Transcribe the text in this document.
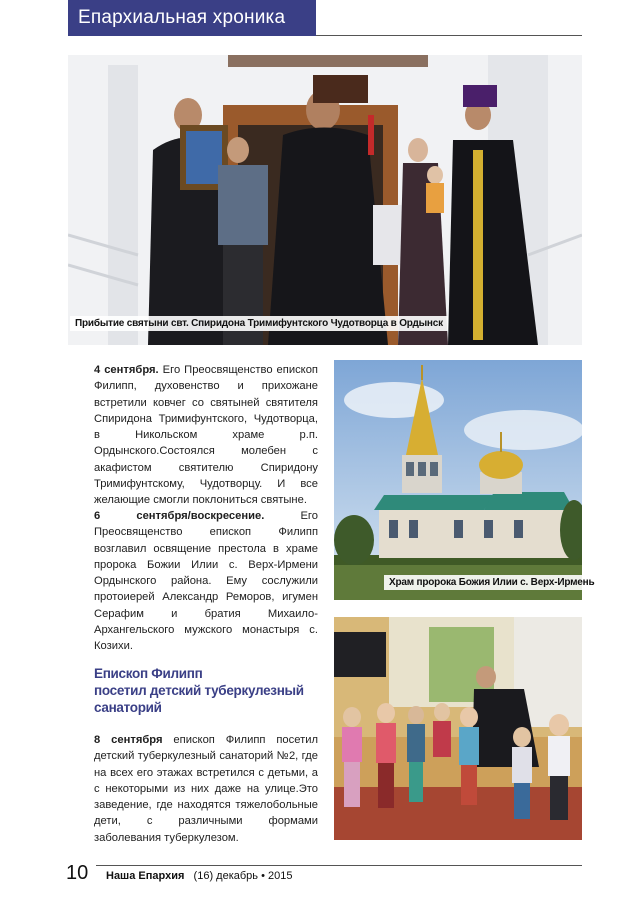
Епархиальная хроника
Прибытие святыни свт. Спиридона Тримифунтского Чудотворца в Ордынск

4 сентября. Его Преосвященство епископ Филипп, духовенство и прихожане встретили ковчег со святыней святителя Спиридона Тримифунтского, Чудотворца, в Никольском храме р.п. Ордынского.Состоялся молебен с акафистом святителю Спиридону Тримифунтскому, Чудотворцу. И все желающие смогли поклониться святыне.

6 сентября/воскресение. Его Преосвященство епископ Филипп возглавил освящение престола в храме пророка Божии Илии с. Верх-Ирмени Ордынского района. Ему сослужили протоиерей Александр Реморов, игумен Серафим и братия Михаило-Архангельского мужского монастыря с. Козихи.

Храм пророка Божия Илии с. Верх-Ирмень
Епископ Филипп
посетил детский туберкулезный
санаторий

8 сентября епископ Филипп посетил детский туберкулезный санаторий №2, где на всех его этажах встретился с детьми, а с некоторыми из них даже на улице.Это заведение, где находятся тяжелобольные дети, с различными формами заболевания туберкулезом.

10 Наша Епархия (16) декабрь • 2015
